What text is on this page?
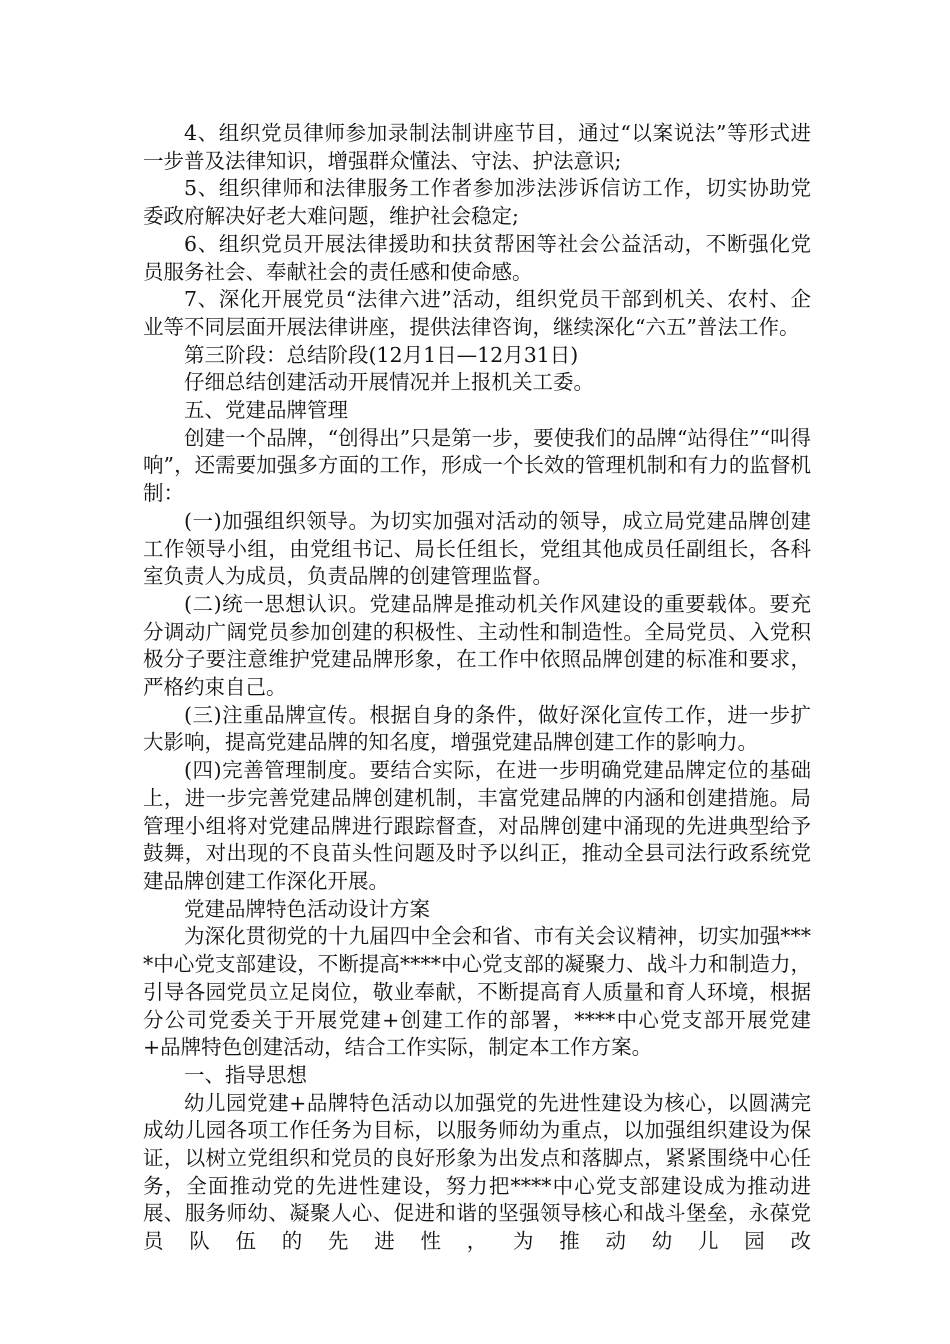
4、组织党员律师参加录制法制讲座节目，通过“以案说法”等形式进一步普及法律知识，增强群众懂法、守法、护法意识;

5、组织律师和法律服务工作者参加涉法涉诉信访工作，切实协助党委政府解决好老大难问题，维护社会稳定;

6、组织党员开展法律援助和扶贫帮困等社会公益活动，不断强化党员服务社会、奉献社会的责任感和使命感。

7、深化开展党员“法律六进”活动，组织党员干部到机关、农村、企业等不同层面开展法律讲座，提供法律咨询，继续深化“六五”普法工作。

第三阶段：总结阶段(12月1日—12月31日)

仔细总结创建活动开展情况并上报机关工委。

五、党建品牌管理

创建一个品牌，“创得出”只是第一步，要使我们的品牌“站得住”“叫得响”，还需要加强多方面的工作，形成一个长效的管理机制和有力的监督机制：

(一)加强组织领导。为切实加强对活动的领导，成立局党建品牌创建工作领导小组，由党组书记、局长任组长，党组其他成员任副组长，各科室负责人为成员，负责品牌的创建管理监督。

(二)统一思想认识。党建品牌是推动机关作风建设的重要载体。要充分调动广阔党员参加创建的积极性、主动性和制造性。全局党员、入党积极分子要注意维护党建品牌形象，在工作中依照品牌创建的标准和要求，严格约束自己。

(三)注重品牌宣传。根据自身的条件，做好深化宣传工作，进一步扩大影响，提高党建品牌的知名度，增强党建品牌创建工作的影响力。

(四)完善管理制度。要结合实际，在进一步明确党建品牌定位的基础上，进一步完善党建品牌创建机制，丰富党建品牌的内涵和创建措施。局管理小组将对党建品牌进行跟踪督查，对品牌创建中涌现的先进典型给予鼓舞，对出现的不良苗头性问题及时予以纠正，推动全县司法行政系统党建品牌创建工作深化开展。

党建品牌特色活动设计方案

为深化贯彻党的十九届四中全会和省、市有关会议精神，切实加强****中心党支部建设，不断提高****中心党支部的凝聚力、战斗力和制造力，引导各园党员立足岗位，敬业奉献，不断提高育人质量和育人环境，根据分公司党委关于开展党建+创建工作的部署，****中心党支部开展党建+品牌特色创建活动，结合工作实际，制定本工作方案。

一、指导思想

幼儿园党建+品牌特色活动以加强党的先进性建设为核心，以圆满完成幼儿园各项工作任务为目标，以服务师幼为重点，以加强组织建设为保证，以树立党组织和党员的良好形象为出发点和落脚点，紧紧围绕中心任务，全面推动党的先进性建设，努力把****中心党支部建设成为推动进展、服务师幼、凝聚人心、促进和谐的坚强领导核心和战斗堡垒，永葆党员队伍的先进性，为推动幼儿园改
